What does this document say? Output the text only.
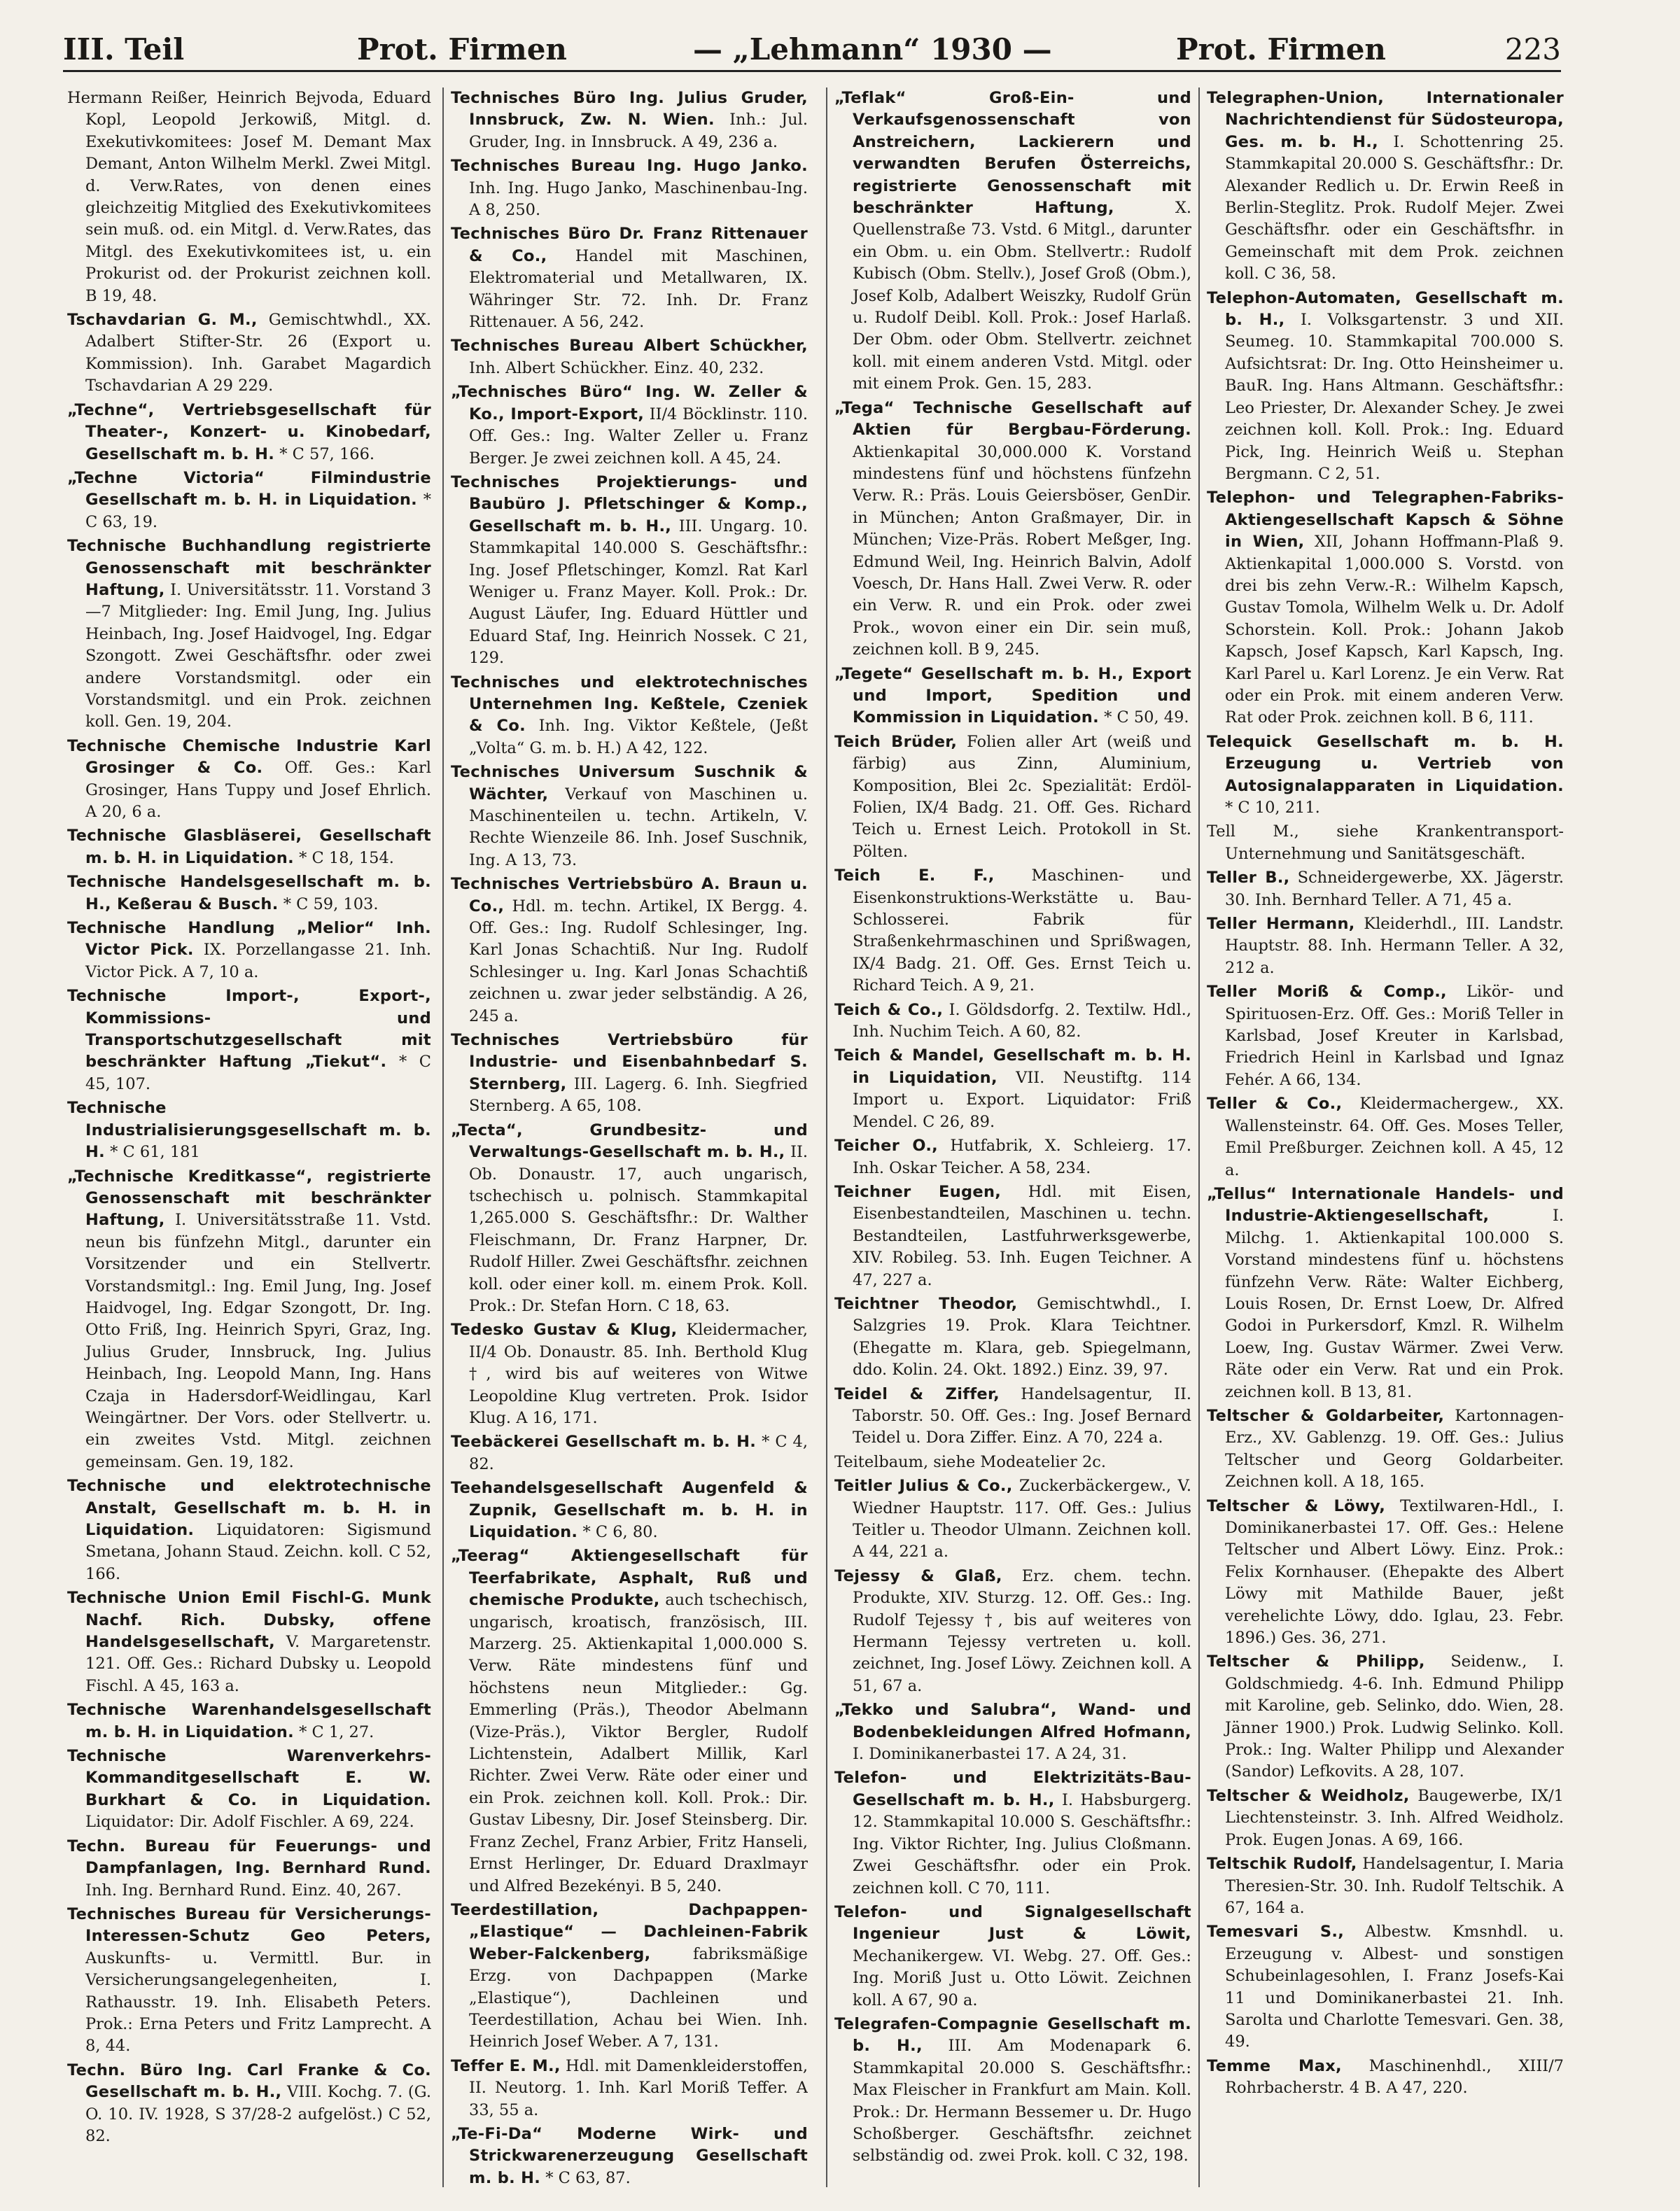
III. Teil	Prot. Firmen	— „Lehmann“ 1930 —	Prot. Firmen	223

Hermann Reißer, Heinrich Bejvoda, Eduard Kopl, Leopold Jerkowiß, Mitgl. d. Exekutivkomitees: Josef M. Demant Max Demant, Anton Wilhelm Merkl. Zwei Mitgl. d. Verw.Rates, von denen eines gleichzeitig Mitglied des Exekutivkomitees sein muß. od. ein Mitgl. d. Verw.Rates, das Mitgl. des Exekutivkomitees ist, u. ein Prokurist od. der Prokurist zeichnen koll. B 19, 48.

Tschavdarian G. M., Gemischtwhdl., XX. Adalbert Stifter-Str. 26 (Export u. Kommission). Inh. Garabet Magardich Tschavdarian A 29 229.

„Techne“, Vertriebsgesellschaft für Theater-, Konzert- u. Kinobedarf, Gesellschaft m. b. H. * C 57, 166.

„Techne Victoria“ Filmindustrie Gesellschaft m. b. H. in Liquidation. * C 63, 19.

Technische Buchhandlung registrierte Genossenschaft mit beschränkter Haftung, I. Universitätsstr. 11. Vorstand 3—7 Mitglieder: Ing. Emil Jung, Ing. Julius Heinbach, Ing. Josef Haidvogel, Ing. Edgar Szongott. Zwei Geschäftsfhr. oder zwei andere Vorstandsmitgl. oder ein Vorstandsmitgl. und ein Prok. zeichnen koll. Gen. 19, 204.

Technische Chemische Industrie Karl Grosinger & Co. Off. Ges.: Karl Grosinger, Hans Tuppy und Josef Ehrlich. A 20, 6 a.

Technische Glasbläserei, Gesellschaft m. b. H. in Liquidation. * C 18, 154.

Technische Handelsgesellschaft m. b. H., Keßerau & Busch. * C 59, 103.

Technische Handlung „Melior“ Inh. Victor Pick. IX. Porzellangasse 21. Inh. Victor Pick. A 7, 10 a.

Technische Import-, Export-, Kommissions- und Transportschutzgesellschaft mit beschränkter Haftung „Tiekut“. * C 45, 107.

Technische Industrialisierungsgesellschaft m. b. H. * C 61, 181

„Technische Kreditkasse“, registrierte Genossenschaft mit beschränkter Haftung, I. Universitätsstraße 11. Vstd. neun bis fünfzehn Mitgl., darunter ein Vorsitzender und ein Stellvertr. Vorstandsmitgl.: Ing. Emil Jung, Ing. Josef Haidvogel, Ing. Edgar Szongott, Dr. Ing. Otto Friß, Ing. Heinrich Spyri, Graz, Ing. Julius Gruder, Innsbruck, Ing. Julius Heinbach, Ing. Leopold Mann, Ing. Hans Czaja in Hadersdorf-Weidlingau, Karl Weingärtner. Der Vors. oder Stellvertr. u. ein zweites Vstd. Mitgl. zeichnen gemeinsam. Gen. 19, 182.

Technische und elektrotechnische Anstalt, Gesellschaft m. b. H. in Liquidation. Liquidatoren: Sigismund Smetana, Johann Staud. Zeichn. koll. C 52, 166.

Technische Union Emil Fischl-G. Munk Nachf. Rich. Dubsky, offene Handelsgesellschaft, V. Margaretenstr. 121. Off. Ges.: Richard Dubsky u. Leopold Fischl. A 45, 163 a.

Technische Warenhandelsgesellschaft m. b. H. in Liquidation. * C 1, 27.

Technische Warenverkehrs-Kommanditgesellschaft E. W. Burkhart & Co. in Liquidation. Liquidator: Dir. Adolf Fischler. A 69, 224.

Techn. Bureau für Feuerungs- und Dampfanlagen, Ing. Bernhard Rund. Inh. Ing. Bernhard Rund. Einz. 40, 267.

Technisches Bureau für Versicherungs-Interessen-Schutz Geo Peters, Auskunfts- u. Vermittl. Bur. in Versicherungsangelegenheiten, I. Rathausstr. 19. Inh. Elisabeth Peters. Prok.: Erna Peters und Fritz Lamprecht. A 8, 44.

Techn. Büro Ing. Carl Franke & Co. Gesellschaft m. b. H., VIII. Kochg. 7. (G. O. 10. IV. 1928, S 37/28-2 aufgelöst.) C 52, 82.

Technisches Büro Ing. Julius Gruder, Innsbruck, Zw. N. Wien. Inh.: Jul. Gruder, Ing. in Innsbruck. A 49, 236 a.

Technisches Bureau Ing. Hugo Janko. Inh. Ing. Hugo Janko, Maschinenbau-Ing. A 8, 250.

Technisches Büro Dr. Franz Rittenauer & Co., Handel mit Maschinen, Elektromaterial und Metallwaren, IX. Währinger Str. 72. Inh. Dr. Franz Rittenauer. A 56, 242.

Technisches Bureau Albert Schückher, Inh. Albert Schückher. Einz. 40, 232.

„Technisches Büro“ Ing. W. Zeller & Ko., Import-Export, II/4 Böcklinstr. 110. Off. Ges.: Ing. Walter Zeller u. Franz Berger. Je zwei zeichnen koll. A 45, 24.

Technisches Projektierungs- und Baubüro J. Pfletschinger & Komp., Gesellschaft m. b. H., III. Ungarg. 10. Stammkapital 140.000 S. Geschäftsfhr.: Ing. Josef Pfletschinger, Komzl. Rat Karl Weniger u. Franz Mayer. Koll. Prok.: Dr. August Läufer, Ing. Eduard Hüttler und Eduard Staf, Ing. Heinrich Nossek. C 21, 129.

Technisches und elektrotechnisches Unternehmen Ing. Keßtele, Czeniek & Co. Inh. Ing. Viktor Keßtele, (Jeßt „Volta“ G. m. b. H.) A 42, 122.

Technisches Universum Suschnik & Wächter, Verkauf von Maschinen u. Maschinenteilen u. techn. Artikeln, V. Rechte Wienzeile 86. Inh. Josef Suschnik, Ing. A 13, 73.

Technisches Vertriebsbüro A. Braun u. Co., Hdl. m. techn. Artikel, IX Bergg. 4. Off. Ges.: Ing. Rudolf Schlesinger, Ing. Karl Jonas Schachtiß. Nur Ing. Rudolf Schlesinger u. Ing. Karl Jonas Schachtiß zeichnen u. zwar jeder selbständig. A 26, 245 a.

Technisches Vertriebsbüro für Industrie- und Eisenbahnbedarf S. Sternberg, III. Lagerg. 6. Inh. Siegfried Sternberg. A 65, 108.

„Tecta“, Grundbesitz- und Verwaltungs-Gesellschaft m. b. H., II. Ob. Donaustr. 17, auch ungarisch, tschechisch u. polnisch. Stammkapital 1,265.000 S. Geschäftsfhr.: Dr. Walther Fleischmann, Dr. Franz Harpner, Dr. Rudolf Hiller. Zwei Geschäftsfhr. zeichnen koll. oder einer koll. m. einem Prok. Koll. Prok.: Dr. Stefan Horn. C 18, 63.

Tedesko Gustav & Klug, Kleidermacher, II/4 Ob. Donaustr. 85. Inh. Berthold Klug †, wird bis auf weiteres von Witwe Leopoldine Klug vertreten. Prok. Isidor Klug. A 16, 171.

Teebäckerei Gesellschaft m. b. H. * C 4, 82.

Teehandelsgesellschaft Augenfeld & Zupnik, Gesellschaft m. b. H. in Liquidation. * C 6, 80.

„Teerag“ Aktiengesellschaft für Teerfabrikate, Asphalt, Ruß und chemische Produkte, auch tschechisch, ungarisch, kroatisch, französisch, III. Marzerg. 25. Aktienkapital 1,000.000 S. Verw. Räte mindestens fünf und höchstens neun Mitglieder.: Gg. Emmerling (Präs.), Theodor Abelmann (Vize-Präs.), Viktor Bergler, Rudolf Lichtenstein, Adalbert Millik, Karl Richter. Zwei Verw. Räte oder einer und ein Prok. zeichnen koll. Koll. Prok.: Dir. Gustav Libesny, Dir. Josef Steinsberg. Dir. Franz Zechel, Franz Arbier, Fritz Hanseli, Ernst Herlinger, Dr. Eduard Draxlmayr und Alfred Bezekényi. B 5, 240.

Teerdestillation, Dachpappen- „Elastique“ — Dachleinen-Fabrik Weber-Falckenberg,	fabriksmäßige Erzg. von Dachpappen (Marke „Elastique“), Dachleinen und Teerdestillation, Achau bei Wien. Inh. Heinrich Josef Weber. A 7, 131.

Teffer E. M., Hdl. mit Damenkleiderstoffen, II. Neutorg. 1. Inh. Karl Moriß Teffer. A 33, 55 a.

„Te-Fi-Da“ Moderne Wirk- und Strickwarenerzeugung Gesellschaft m. b. H. * C 63, 87.

„Teflak“ Groß-Ein- und Verkaufsgenossenschaft von Anstreichern, Lackierern und verwandten Berufen Österreichs, registrierte Genossenschaft mit beschränkter Haftung,	X. Quellenstraße 73. Vstd. 6 Mitgl., darunter ein Obm. u. ein Obm. Stellvertr.: Rudolf Kubisch (Obm. Stellv.), Josef Groß (Obm.), Josef Kolb, Adalbert Weiszky, Rudolf Grün u. Rudolf Deibl. Koll. Prok.: Josef Harlaß. Der Obm. oder Obm. Stellvertr. zeichnet koll. mit einem anderen Vstd. Mitgl. oder mit einem Prok. Gen. 15, 283.

„Tega“ Technische Gesellschaft auf Aktien für Bergbau-Förderung. Aktienkapital 30,000.000 K. Vorstand mindestens fünf und höchstens fünfzehn Verw. R.: Präs. Louis Geiersböser, GenDir. in München; Anton Graßmayer, Dir. in München; Vize-Präs. Robert Meßger, Ing. Edmund Weil, Ing. Heinrich Balvin, Adolf Voesch, Dr. Hans Hall. Zwei Verw. R. oder ein Verw. R. und ein Prok. oder zwei Prok., wovon einer ein Dir. sein muß, zeichnen koll. B 9, 245.

„Tegete“ Gesellschaft m. b. H., Export und Import, Spedition und Kommission in Liquidation. * C 50, 49.

Teich Brüder, Folien aller Art (weiß und färbig) aus Zinn, Aluminium, Komposition, Blei 2c. Spezialität: Erdöl-Folien, IX/4 Badg. 21. Off. Ges. Richard Teich u. Ernest Leich. Protokoll in St. Pölten.

Teich E. F., Maschinen- und Eisenkonstruktions-Werkstätte u. Bau-Schlosserei. Fabrik für Straßenkehrmaschinen und Sprißwagen, IX/4 Badg. 21. Off. Ges. Ernst Teich u. Richard Teich. A 9, 21.

Teich & Co., I. Göldsdorfg. 2. Textilw. Hdl., Inh. Nuchim Teich. A 60, 82.

Teich & Mandel, Gesellschaft m. b. H. in Liquidation, VII. Neustiftg. 114 Import u. Export. Liquidator: Friß Mendel. C 26, 89.

Teicher O., Hutfabrik, X. Schleierg. 17. Inh. Oskar Teicher. A 58, 234.

Teichner Eugen, Hdl. mit Eisen, Eisenbestandteilen, Maschinen u. techn. Bestandteilen, Lastfuhrwerksgewerbe, XIV. Robileg. 53. Inh. Eugen Teichner. A 47, 227 a.

Teichtner Theodor, Gemischtwhdl., I. Salzgries 19. Prok. Klara Teichtner. (Ehegatte m. Klara, geb. Spiegelmann, ddo. Kolin. 24. Okt. 1892.) Einz. 39, 97.

Teidel & Ziffer, Handelsagentur, II. Taborstr. 50. Off. Ges.: Ing. Josef Bernard Teidel u. Dora Ziffer. Einz. A 70, 224 a.

Teitelbaum, siehe Modeatelier 2c.

Teitler Julius & Co., Zuckerbäckergew., V. Wiedner Hauptstr. 117. Off. Ges.: Julius Teitler u. Theodor Ulmann. Zeichnen koll. A 44, 221 a.

Tejessy & Glaß, Erz. chem. techn. Produkte, XIV. Sturzg. 12. Off. Ges.: Ing. Rudolf Tejessy †, bis auf weiteres von Hermann Tejessy vertreten u. koll. zeichnet, Ing. Josef Löwy. Zeichnen koll. A 51, 67 a.

„Tekko und Salubra“, Wand- und Bodenbekleidungen Alfred Hofmann, I. Dominikanerbastei 17. A 24, 31.

Telefon- und Elektrizitäts-Bau-Gesellschaft m. b. H., I. Habsburgerg. 12. Stammkapital 10.000 S. Geschäftsfhr.: Ing. Viktor Richter, Ing. Julius Cloßmann. Zwei Geschäftsfhr. oder ein Prok. zeichnen koll. C 70, 111.

Telefon- und Signalgesellschaft Ingenieur Just & Löwit, Mechanikergew. VI. Webg. 27. Off. Ges.: Ing. Moriß Just u. Otto Löwit. Zeichnen koll. A 67, 90 a.

Telegrafen-Compagnie Gesellschaft m. b. H., III. Am Modenapark 6. Stammkapital 20.000 S. Geschäftsfhr.: Max Fleischer in Frankfurt am Main. Koll. Prok.: Dr. Hermann Bessemer u. Dr. Hugo Schoßberger. Geschäftsfhr. zeichnet selbständig od. zwei Prok. koll. C 32, 198.

Telegraphen-Union, Internationaler Nachrichtendienst für Südosteuropa, Ges. m. b. H., I. Schottenring 25. Stammkapital 20.000 S. Geschäftsfhr.: Dr. Alexander Redlich u. Dr. Erwin Reeß in Berlin-Steglitz. Prok. Rudolf Mejer. Zwei Geschäftsfhr. oder ein Geschäftsfhr. in Gemeinschaft mit dem Prok. zeichnen koll. C 36, 58.

Telephon-Automaten, Gesellschaft m. b. H., I. Volksgartenstr. 3 und XII. Seumeg. 10. Stammkapital 700.000 S. Aufsichtsrat: Dr. Ing. Otto Heinsheimer u. BauR. Ing. Hans Altmann. Geschäftsfhr.: Leo Priester, Dr. Alexander Schey. Je zwei zeichnen koll. Koll. Prok.: Ing. Eduard Pick, Ing. Heinrich Weiß u. Stephan Bergmann. C 2, 51.

Telephon- und Telegraphen-Fabriks-Aktiengesellschaft Kapsch & Söhne in Wien, XII, Johann Hoffmann-Plaß 9. Aktienkapital 1,000.000 S. Vorstd. von drei bis zehn Verw.-R.: Wilhelm Kapsch, Gustav Tomola, Wilhelm Welk u. Dr. Adolf Schorstein. Koll. Prok.: Johann Jakob Kapsch, Josef Kapsch, Karl Kapsch, Ing. Karl Parel u. Karl Lorenz. Je ein Verw. Rat oder ein Prok. mit einem anderen Verw. Rat oder Prok. zeichnen koll. B 6, 111.

Telequick Gesellschaft m. b. H. Erzeugung u. Vertrieb von Autosignalapparaten in Liquidation. * C 10, 211.

Tell M., siehe Krankentransport-Unternehmung und Sanitätsgeschäft.

Teller B., Schneidergewerbe, XX. Jägerstr. 30. Inh. Bernhard Teller. A 71, 45 a.

Teller Hermann, Kleiderhdl., III. Landstr. Hauptstr. 88. Inh. Hermann Teller. A 32, 212 a.

Teller Moriß & Comp., Likör- und Spirituosen-Erz. Off. Ges.: Moriß Teller in Karlsbad, Josef Kreuter in Karlsbad, Friedrich Heinl in Karlsbad und Ignaz Fehér. A 66, 134.

Teller & Co., Kleidermachergew., XX. Wallensteinstr. 64. Off. Ges. Moses Teller, Emil Preßburger. Zeichnen koll. A 45, 12 a.

„Tellus“ Internationale Handels- und Industrie-Aktiengesellschaft,	I. Milchg. 1. Aktienkapital 100.000 S. Vorstand mindestens fünf u. höchstens fünfzehn Verw. Räte: Walter Eichberg, Louis Rosen, Dr. Ernst Loew, Dr. Alfred Godoi in Purkersdorf, Kmzl. R. Wilhelm Loew, Ing. Gustav Wärmer. Zwei Verw. Räte oder ein Verw. Rat und ein Prok. zeichnen koll. B 13, 81.

Teltscher & Goldarbeiter, Kartonnagen-Erz., XV. Gablenzg. 19. Off. Ges.: Julius Teltscher und Georg Goldarbeiter. Zeichnen koll. A 18, 165.

Teltscher & Löwy, Textilwaren-Hdl., I. Dominikanerbastei 17. Off. Ges.: Helene Teltscher und Albert Löwy. Einz. Prok.: Felix Kornhauser. (Ehepakte des Albert Löwy mit Mathilde Bauer, jeßt verehelichte Löwy, ddo. Iglau, 23. Febr. 1896.) Ges. 36, 271.

Teltscher & Philipp, Seidenw., I. Goldschmiedg. 4-6. Inh. Edmund Philipp mit Karoline, geb. Selinko, ddo. Wien, 28. Jänner 1900.) Prok. Ludwig Selinko. Koll. Prok.: Ing. Walter Philipp und Alexander (Sandor) Lefkovits. A 28, 107.

Teltscher & Weidholz, Baugewerbe, IX/1 Liechtensteinstr. 3. Inh. Alfred Weidholz. Prok. Eugen Jonas. A 69, 166.

Teltschik Rudolf, Handelsagentur, I. Maria Theresien-Str. 30. Inh. Rudolf Teltschik. A 67, 164 a.

Temesvari S., Albestw. Kmsnhdl. u. Erzeugung v. Albest- und sonstigen Schubeinlagesohlen, I. Franz Josefs-Kai 11 und Dominikanerbastei 21. Inh. Sarolta und Charlotte Temesvari. Gen. 38, 49.

Temme Max, Maschinenhdl., XIII/7 Rohrbacherstr. 4 B. A 47, 220.
